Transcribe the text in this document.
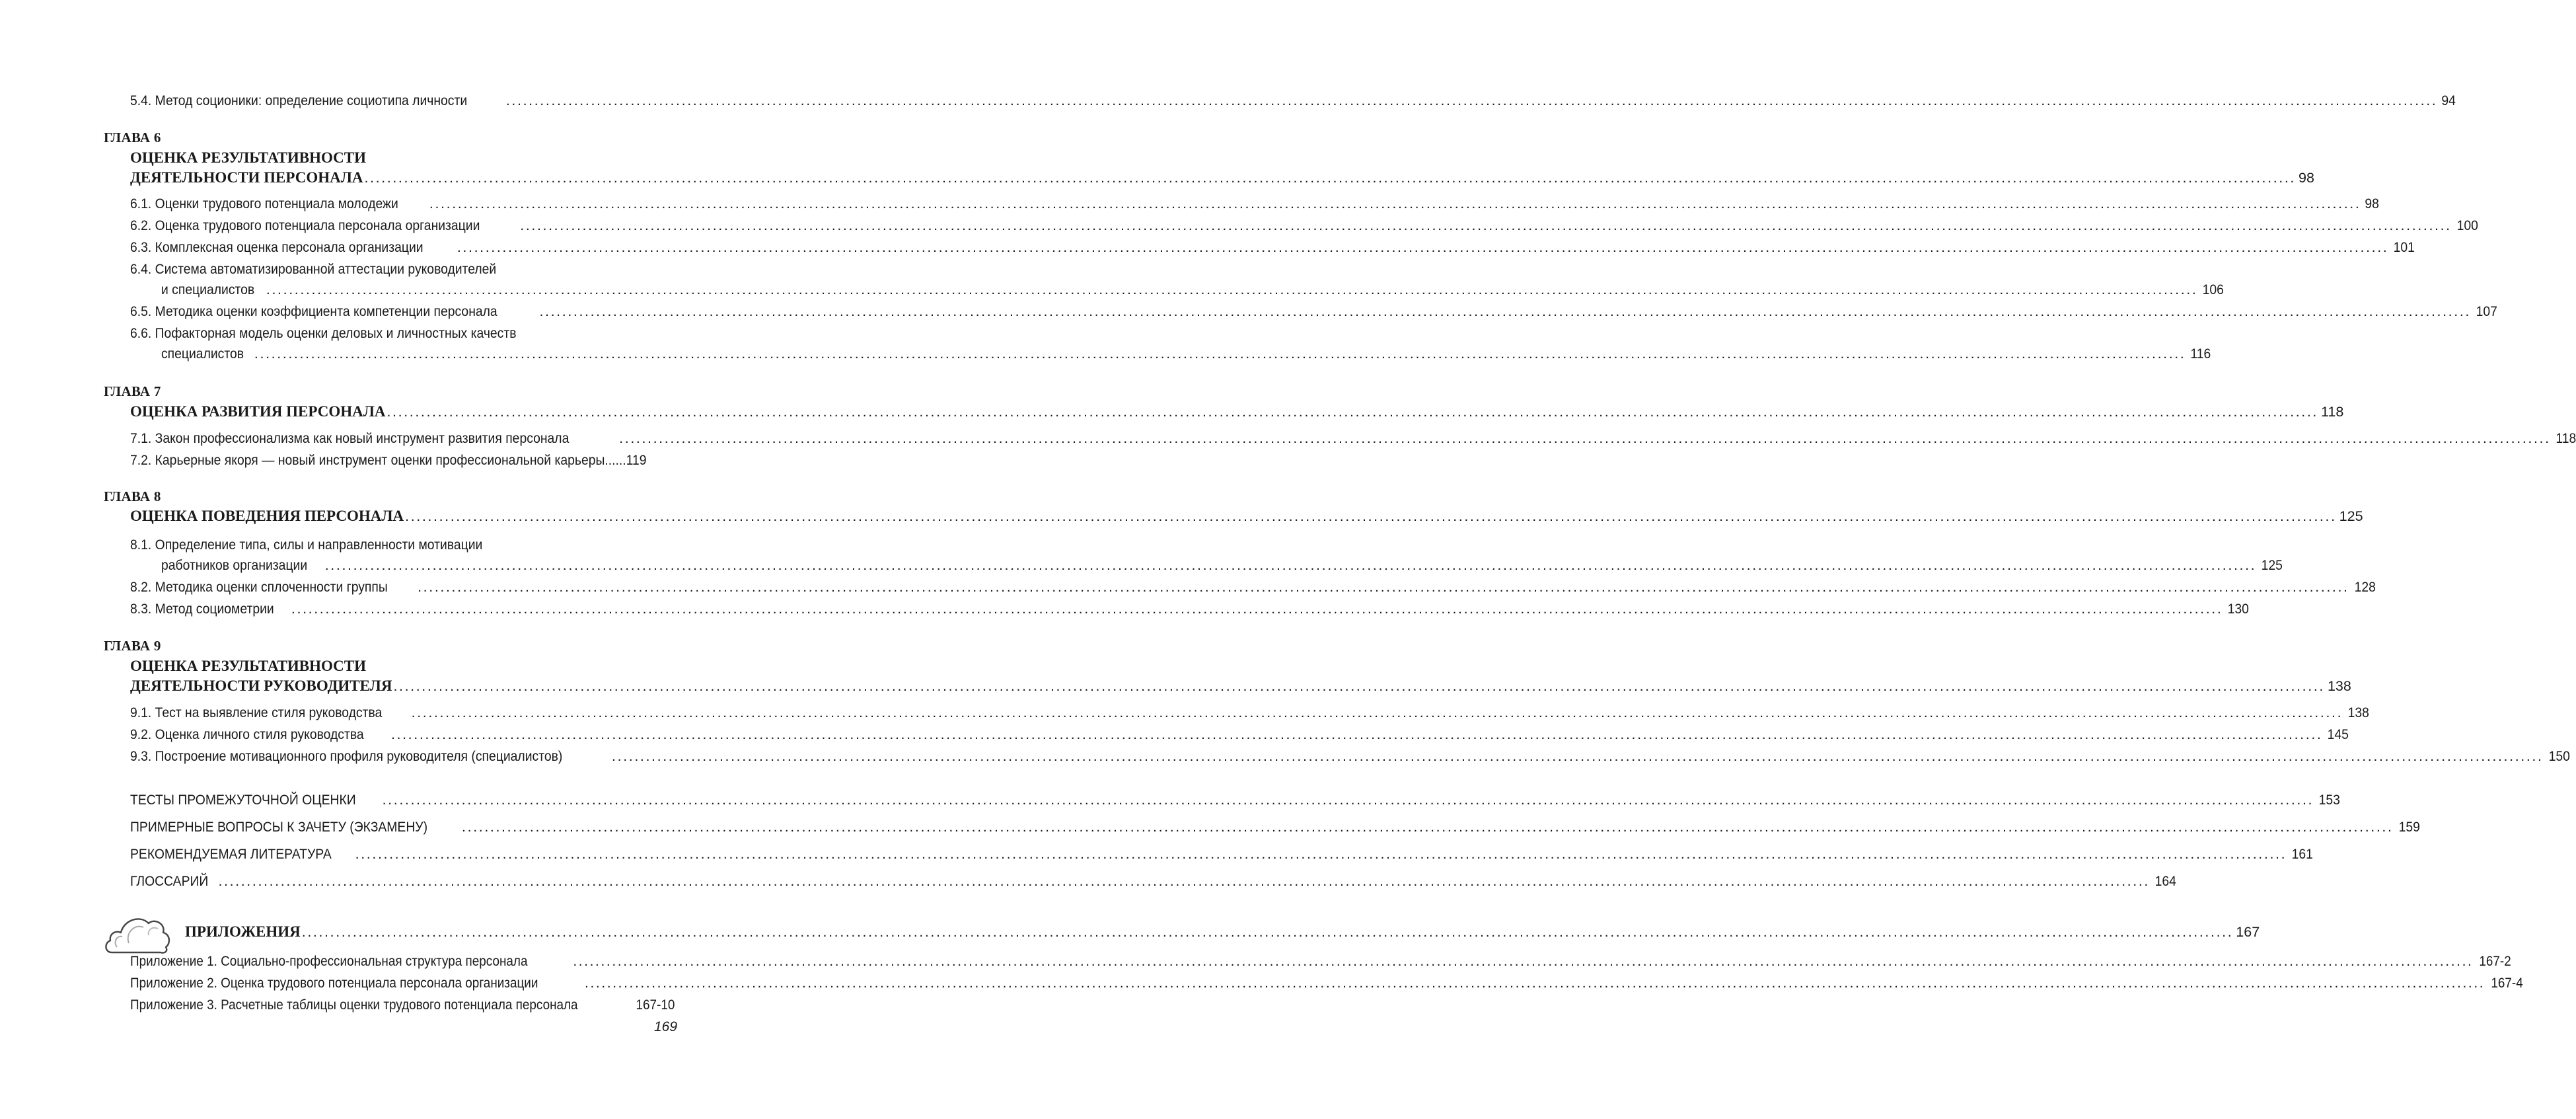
5.4. Метод соционики: определение социотипа личности .....	94
ГЛАВА 6
ОЦЕНКА РЕЗУЛЬТАТИВНОСТИ
ДЕЯТЕЛЬНОСТИ ПЕРСОНАЛА .....	98
6.1. Оценки трудового потенциала молодежи .....	98
6.2. Оценка трудового потенциала персонала организации .....	100
6.3. Комплексная оценка персонала организации .....	101
6.4. Система автоматизированной аттестации руководителей
и специалистов .....	106
6.5. Методика оценки коэффициента компетенции персонала .....	107
6.6. Пофакторная модель оценки деловых и личностных качеств
специалистов .....	116
ГЛАВА 7
ОЦЕНКА РАЗВИТИЯ ПЕРСОНАЛА .....	118
7.1. Закон профессионализма как новый инструмент развития персонала .....	118
7.2. Карьерные якоря — новый инструмент оценки профессиональной карьеры......119
ГЛАВА 8
ОЦЕНКА ПОВЕДЕНИЯ ПЕРСОНАЛА .....	125
8.1. Определение типа, силы и направленности мотивации
работников организации .....	125
8.2. Методика оценки сплоченности группы .....	128
8.3. Метод социометрии .....	130
ГЛАВА 9
ОЦЕНКА РЕЗУЛЬТАТИВНОСТИ
ДЕЯТЕЛЬНОСТИ РУКОВОДИТЕЛЯ .....	138
9.1. Тест на выявление стиля руководства .....	138
9.2. Оценка личного стиля руководства .....	145
9.3. Построение мотивационного профиля руководителя (специалистов) .....	150
ТЕСТЫ ПРОМЕЖУТОЧНОЙ ОЦЕНКИ .....	153
ПРИМЕРНЫЕ ВОПРОСЫ К ЗАЧЕТУ (ЭКЗАМЕНУ) .....	159
РЕКОМЕНДУЕМАЯ ЛИТЕРАТУРА .....	161
ГЛОССАРИЙ .....	164
ПРИЛОЖЕНИЯ .....	167
Приложение 1. Социально-профессиональная структура персонала .....	167-2
Приложение 2. Оценка трудового потенциала персонала организации .....	167-4
Приложение 3. Расчетные таблицы оценки трудового потенциала персонала .....	167-10
169
